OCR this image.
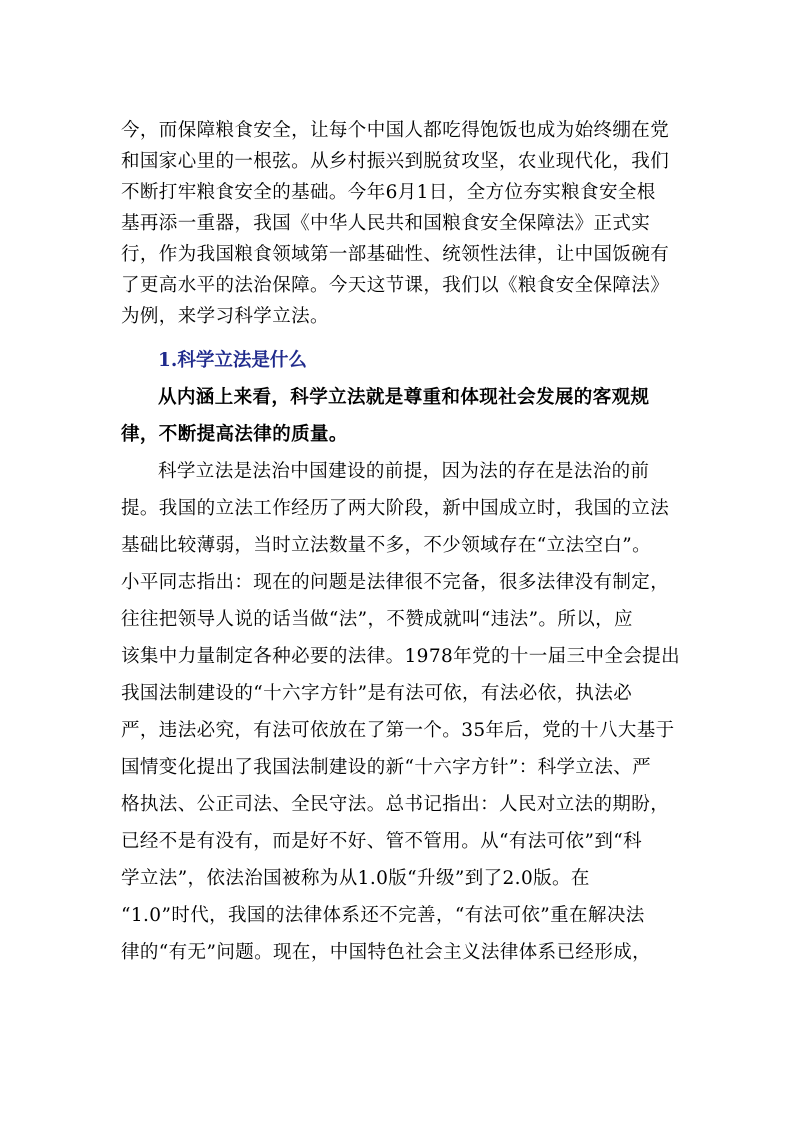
今，而保障粮食安全，让每个中国人都吃得饱饭也成为始终绷在党
和国家心里的一根弦。从乡村振兴到脱贫攻坚，农业现代化，我们
不断打牢粮食安全的基础。今年6月1日，全方位夯实粮食安全根
基再添一重器，我国《中华人民共和国粮食安全保障法》正式实
行，作为我国粮食领域第一部基础性、统领性法律，让中国饭碗有
了更高水平的法治保障。今天这节课，我们以《粮食安全保障法》
为例，来学习科学立法。
1.科学立法是什么
从内涵上来看，科学立法就是尊重和体现社会发展的客观规
律，不断提高法律的质量。
科学立法是法治中国建设的前提，因为法的存在是法治的前
提。我国的立法工作经历了两大阶段，新中国成立时，我国的立法
基础比较薄弱，当时立法数量不多，不少领域存在“立法空白”。
小平同志指出：现在的问题是法律很不完备，很多法律没有制定，
往往把领导人说的话当做“法”，不赞成就叫“违法”。所以，应
该集中力量制定各种必要的法律。1978年党的十一届三中全会提出
我国法制建设的“十六字方针”是有法可依，有法必依，执法必
严，违法必究，有法可依放在了第一个。35年后，党的十八大基于
国情变化提出了我国法制建设的新“十六字方针”：科学立法、严
格执法、公正司法、全民守法。总书记指出：人民对立法的期盼，
已经不是有没有，而是好不好、管不管用。从“有法可依”到“科
学立法”，依法治国被称为从1.0版“升级”到了2.0版。在
“1.0”时代，我国的法律体系还不完善，“有法可依”重在解决法
律的“有无”问题。现在，中国特色社会主义法律体系已经形成，
